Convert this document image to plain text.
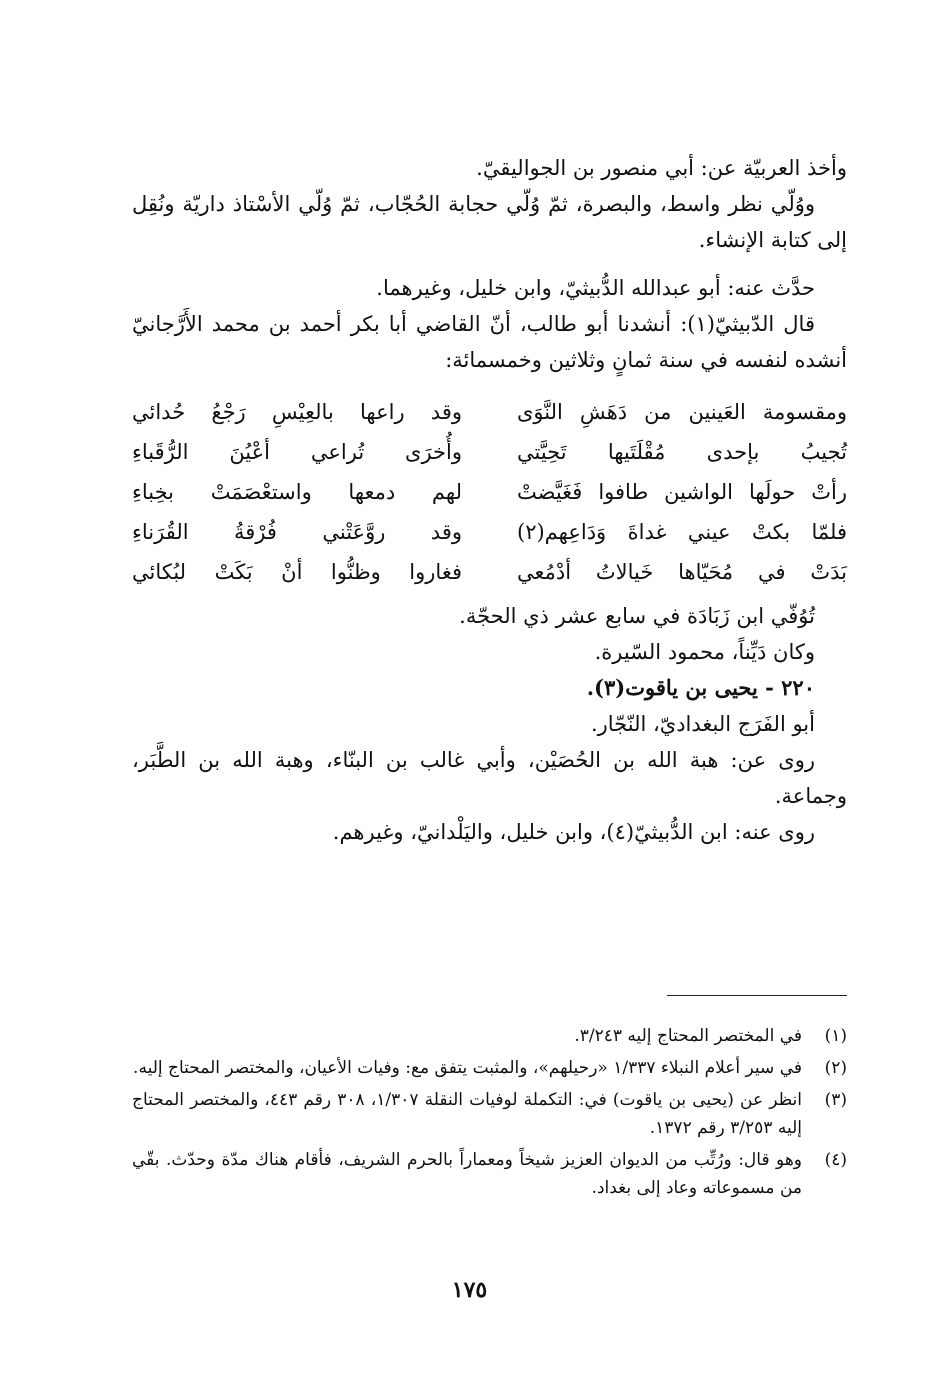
وأخذ العربيّة عن: أبي منصور بن الجواليقيّ.

ووُلّي نظر واسط، والبصرة، ثمّ وُلّي حجابة الحُجّاب، ثمّ وُلّي الأسْتاذ داريّة ونُقِل إلى كتابة الإنشاء.

حدَّث عنه: أبو عبدالله الدُّبيثيّ، وابن خليل، وغيرهما.

قال الدّبيثيّ(١): أنشدنا أبو طالب، أنّ القاضي أبا بكر أحمد بن محمد الأَرَّجانيّ أنشده لنفسه في سنة ثمانٍ وثلاثين وخمسمائة:

ومقسومة العَينين من دَهَشِ النَّوَى
وقد راعها بالعِيْسِ رَجْعُ حُدائي
تُجيبُ بإحدى مُقْلَتَيها تَحِيَّتي
وأُخرَى تُراعي أعْيُنَ الرُّقَباءِ
رأتْ حولَها الواشين طافوا فَغَيَّضتْ
لهم دمعها واستعْصَمَتْ بخِباءِ
فلمّا بكتْ عيني غداةَ وَدَاعِهم(٢)
وقد روَّعَتْني فُرْقةُ القُرَناءِ
بَدَتْ في مُحَيّاها خَيالاتُ أدْمُعي
فغاروا وظنُّوا أنْ بَكَتْ لبُكائي

تُوُفّي ابن زَبَادَة في سابع عشر ذي الحجّة.

وكان دَيِّناً، محمود السّيرة.

٢٢٠ - يحيى بن ياقوت(٣).

أبو الفَرَج البغداديّ، النّجّار.

روى عن: هبة الله بن الحُصَيْن، وأبي غالب بن البنّاء، وهبة الله بن الطَّبَر، وجماعة.

روى عنه: ابن الدُّبيثيّ(٤)، وابن خليل، واليَلْدانيّ، وغيرهم.

(١)
في المختصر المحتاج إليه ٣/٢٤٣.
(٢)
في سير أعلام النبلاء ١/٣٣٧ «رحيلهم»، والمثبت يتفق مع: وفيات الأعيان، والمختصر المحتاج إليه.
(٣)
انظر عن (يحيى بن ياقوت) في: التكملة لوفيات النقلة ١/٣٠٧، ٣٠٨ رقم ٤٤٣، والمختصر المحتاج إليه ٣/٢٥٣ رقم ١٣٧٢.
(٤)
وهو قال: ورُتِّب من الديوان العزيز شيخاً ومعماراً بالحرم الشريف، فأقام هناك مدّة وحدّث. بقّي من مسموعاته وعاد إلى بغداد.
١٧٥
